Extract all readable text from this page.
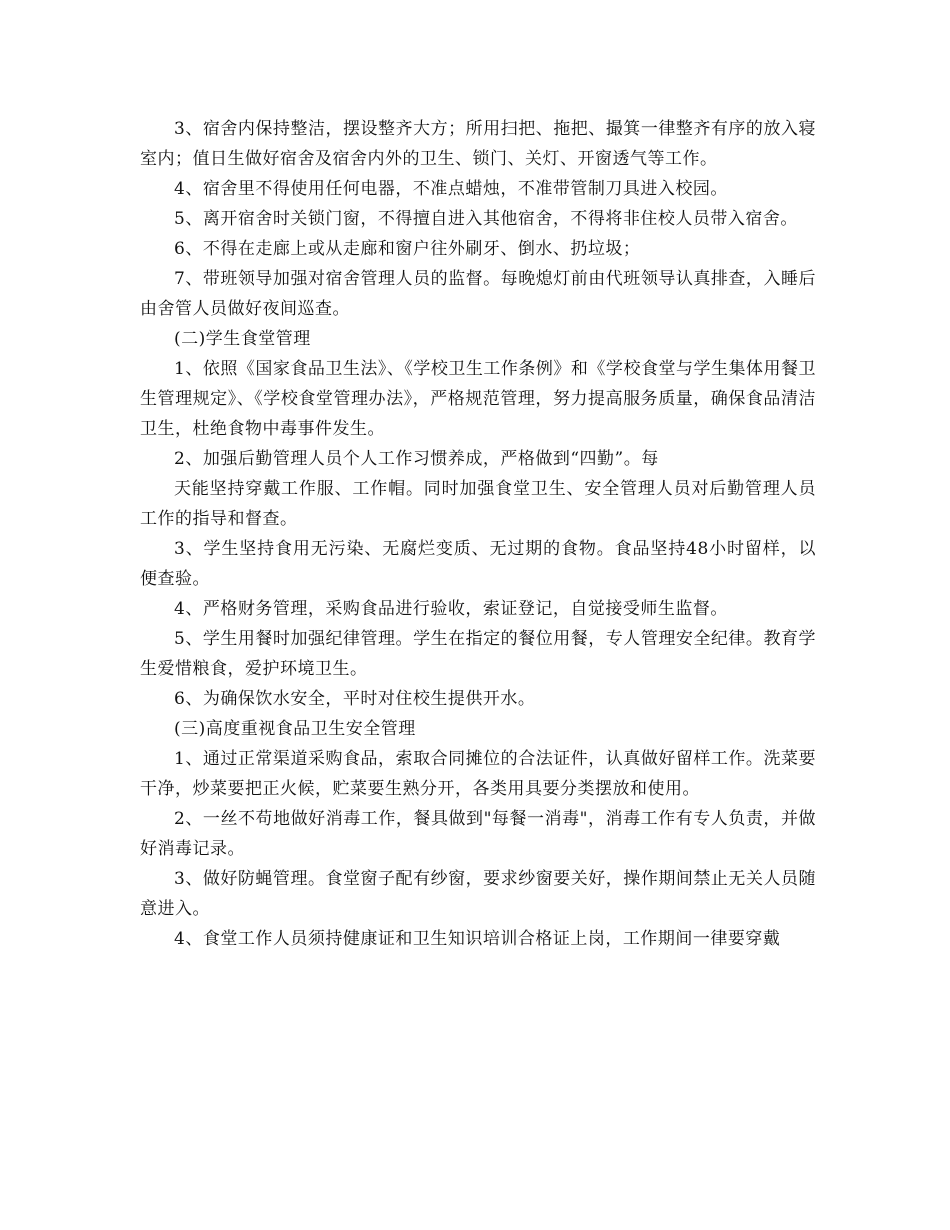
3、宿舍内保持整洁，摆设整齐大方；所用扫把、拖把、撮箕一律整齐有序的放入寝室内；值日生做好宿舍及宿舍内外的卫生、锁门、关灯、开窗透气等工作。

4、宿舍里不得使用任何电器，不准点蜡烛，不准带管制刀具进入校园。

5、离开宿舍时关锁门窗，不得擅自进入其他宿舍，不得将非住校人员带入宿舍。

6、不得在走廊上或从走廊和窗户往外刷牙、倒水、扔垃圾；

7、带班领导加强对宿舍管理人员的监督。每晚熄灯前由代班领导认真排查，入睡后由舍管人员做好夜间巡查。

(二)学生食堂管理

1、依照《国家食品卫生法》、《学校卫生工作条例》和《学校食堂与学生集体用餐卫生管理规定》、《学校食堂管理办法》，严格规范管理，努力提高服务质量，确保食品清洁卫生，杜绝食物中毒事件发生。

2、加强后勤管理人员个人工作习惯养成，严格做到“四勤”。每

天能坚持穿戴工作服、工作帽。同时加强食堂卫生、安全管理人员对后勤管理人员工作的指导和督查。

3、学生坚持食用无污染、无腐烂变质、无过期的食物。食品坚持48小时留样，以便查验。

4、严格财务管理，采购食品进行验收，索证登记，自觉接受师生监督。

5、学生用餐时加强纪律管理。学生在指定的餐位用餐，专人管理安全纪律。教育学生爱惜粮食，爱护环境卫生。

6、为确保饮水安全，平时对住校生提供开水。

(三)高度重视食品卫生安全管理

1、通过正常渠道采购食品，索取合同摊位的合法证件，认真做好留样工作。洗菜要干净，炒菜要把正火候，贮菜要生熟分开，各类用具要分类摆放和使用。

2、一丝不苟地做好消毒工作，餐具做到"每餐一消毒"，消毒工作有专人负责，并做好消毒记录。

3、做好防蝇管理。食堂窗子配有纱窗，要求纱窗要关好，操作期间禁止无关人员随意进入。

4、食堂工作人员须持健康证和卫生知识培训合格证上岗，工作期间一律要穿戴
